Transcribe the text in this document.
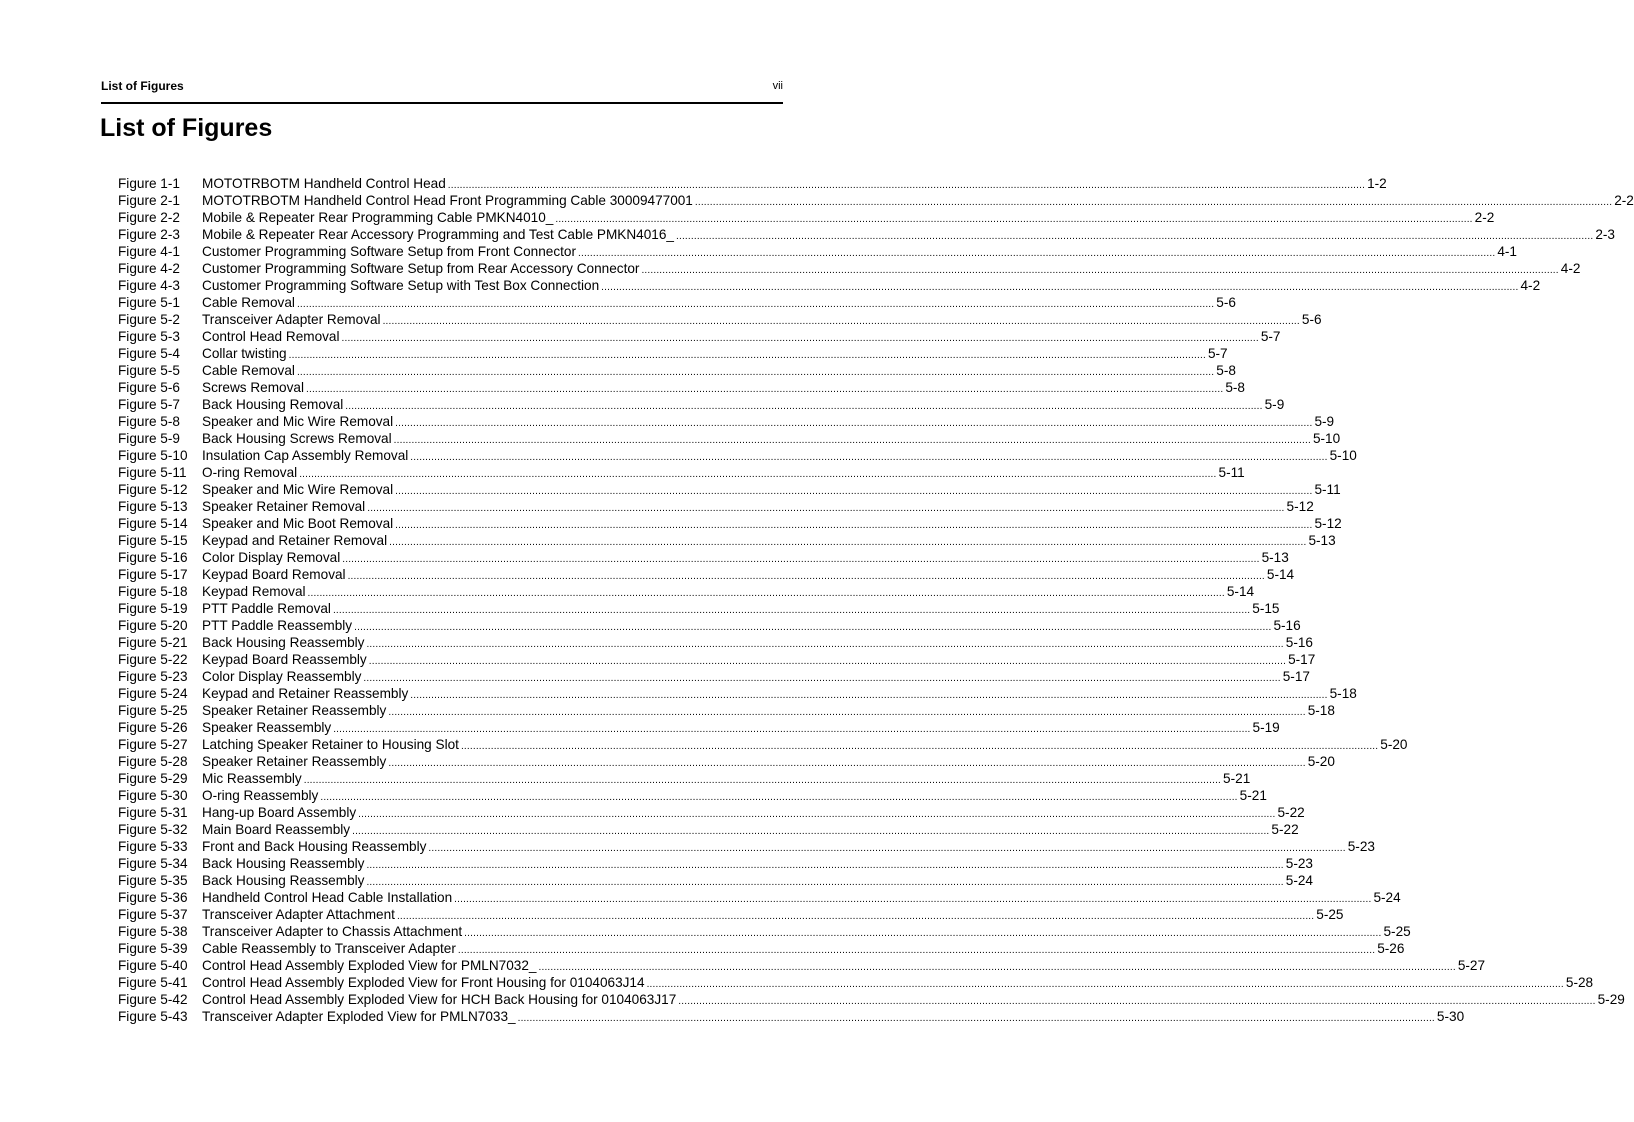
List of Figures	vii
List of Figures
Figure 1-1	MOTOTRBOTM Handheld Control Head .....	1-2
Figure 2-1	MOTOTRBOTM Handheld Control Head Front Programming Cable 30009477001 .....	2-2
Figure 2-2	Mobile & Repeater Rear Programming Cable PMKN4010_ .....	2-2
Figure 2-3	Mobile & Repeater Rear Accessory Programming and Test Cable PMKN4016_ .....	2-3
Figure 4-1	Customer Programming Software Setup from Front Connector .....	4-1
Figure 4-2	Customer Programming Software Setup from Rear Accessory Connector .....	4-2
Figure 4-3	Customer Programming Software Setup with Test Box Connection .....	4-2
Figure 5-1	Cable Removal .....	5-6
Figure 5-2	Transceiver Adapter Removal .....	5-6
Figure 5-3	Control Head Removal .....	5-7
Figure 5-4	Collar twisting .....	5-7
Figure 5-5	Cable Removal .....	5-8
Figure 5-6	Screws Removal .....	5-8
Figure 5-7	Back Housing Removal .....	5-9
Figure 5-8	Speaker and Mic Wire Removal .....	5-9
Figure 5-9	Back Housing Screws Removal .....	5-10
Figure 5-10	Insulation Cap Assembly Removal .....	5-10
Figure 5-11	O-ring Removal .....	5-11
Figure 5-12	Speaker and Mic Wire Removal .....	5-11
Figure 5-13	Speaker Retainer Removal .....	5-12
Figure 5-14	Speaker and Mic Boot Removal .....	5-12
Figure 5-15	Keypad and Retainer Removal .....	5-13
Figure 5-16	Color Display Removal .....	5-13
Figure 5-17	Keypad Board Removal .....	5-14
Figure 5-18	Keypad Removal .....	5-14
Figure 5-19	PTT Paddle Removal .....	5-15
Figure 5-20	PTT Paddle Reassembly .....	5-16
Figure 5-21	Back Housing Reassembly .....	5-16
Figure 5-22	Keypad Board Reassembly .....	5-17
Figure 5-23	Color Display Reassembly .....	5-17
Figure 5-24	Keypad and Retainer Reassembly .....	5-18
Figure 5-25	Speaker Retainer Reassembly .....	5-18
Figure 5-26	Speaker Reassembly .....	5-19
Figure 5-27	Latching Speaker Retainer to Housing Slot .....	5-20
Figure 5-28	Speaker Retainer Reassembly .....	5-20
Figure 5-29	Mic Reassembly .....	5-21
Figure 5-30	O-ring Reassembly .....	5-21
Figure 5-31	Hang-up Board Assembly .....	5-22
Figure 5-32	Main Board Reassembly .....	5-22
Figure 5-33	Front and Back Housing Reassembly .....	5-23
Figure 5-34	Back Housing Reassembly .....	5-23
Figure 5-35	Back Housing Reassembly .....	5-24
Figure 5-36	Handheld Control Head Cable Installation .....	5-24
Figure 5-37	Transceiver Adapter Attachment .....	5-25
Figure 5-38	Transceiver Adapter to Chassis Attachment .....	5-25
Figure 5-39	Cable Reassembly to Transceiver Adapter .....	5-26
Figure 5-40	Control Head Assembly Exploded View for PMLN7032_ .....	5-27
Figure 5-41	Control Head Assembly Exploded View for Front Housing for 0104063J14 .....	5-28
Figure 5-42	Control Head Assembly Exploded View for HCH Back Housing for 0104063J17 .....	5-29
Figure 5-43	Transceiver Adapter Exploded View for PMLN7033_ .....	5-30
